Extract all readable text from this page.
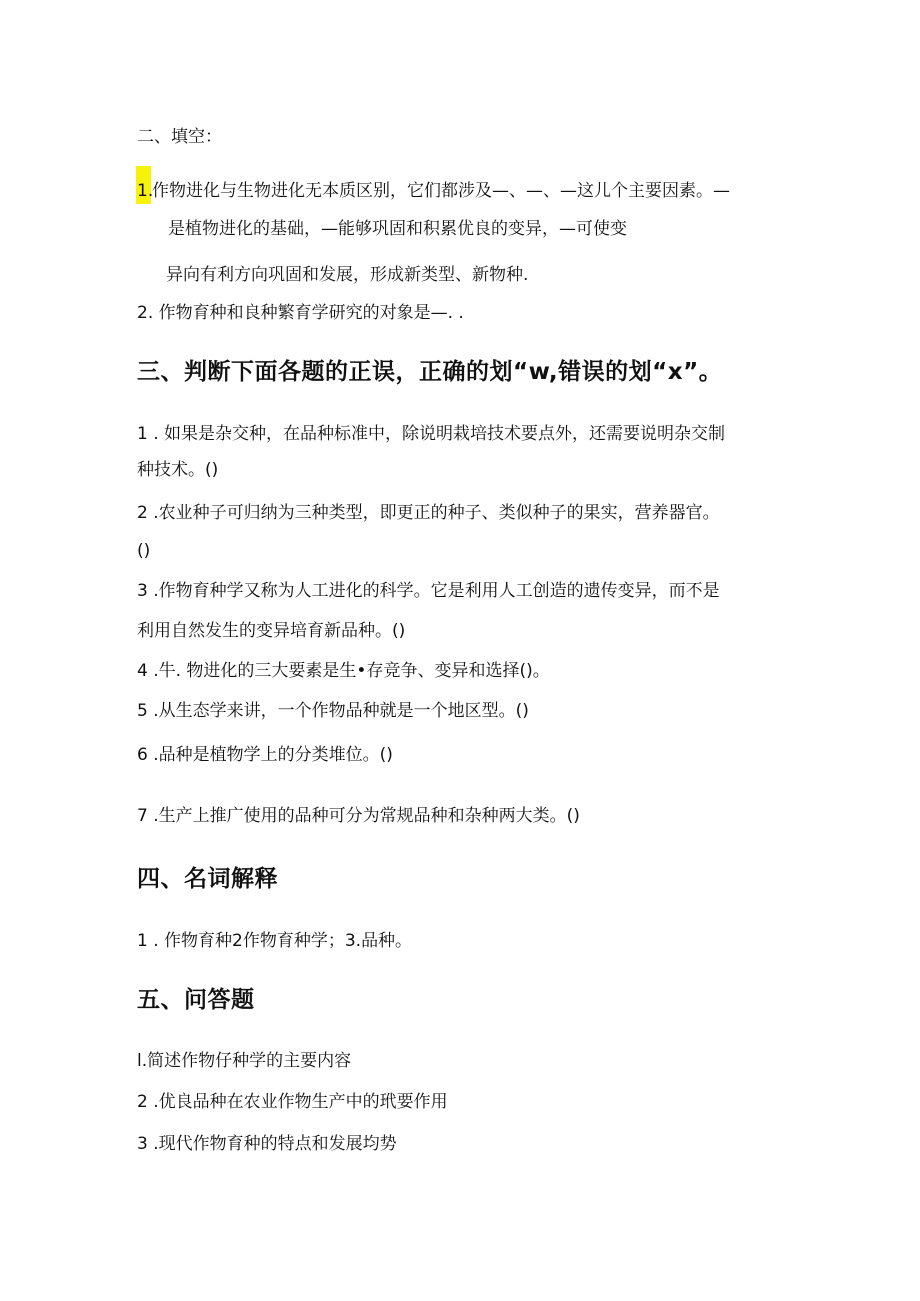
二、填空：
1.
作物进化与生物进化无本质区别，它们都涉及—、—、—这儿个主要因素。—
是植物进化的基础，—能够巩固和积累优良的变异，—可使变
异向有利方向巩固和发展，形成新类型、新物种.
2. 作物育种和良种繁育学研究的对象是—. .
三、判断下面各题的正误，正确的划“w,错误的划“x”。
1 . 如果是杂交种，在品种标准中，除说明栽培技术要点外，还需要说明杂交制
种技术。()
2 .农业种子可归纳为三种类型，即更正的种子、类似种子的果实，营养器官。
()
3 .作物育种学又称为人工进化的科学。它是利用人工创造的遗传变异，而不是
利用自然发生的变异培育新品种。()
4 .牛. 物进化的三大要素是生•存竞争、变异和选择()。
5 .从生态学来讲，一个作物品种就是一个地区型。()
6 .品种是植物学上的分类堆位。()
7 .生产上推广使用的品种可分为常规品种和杂种两大类。()
四、名词解释
1 . 作物育种2作物育种学；3.品种。
五、问答题
l.简述作物仔种学的主要内容
2 .优良品种在农业作物生产中的玳要作用
3 .现代作物育种的特点和发展均势
